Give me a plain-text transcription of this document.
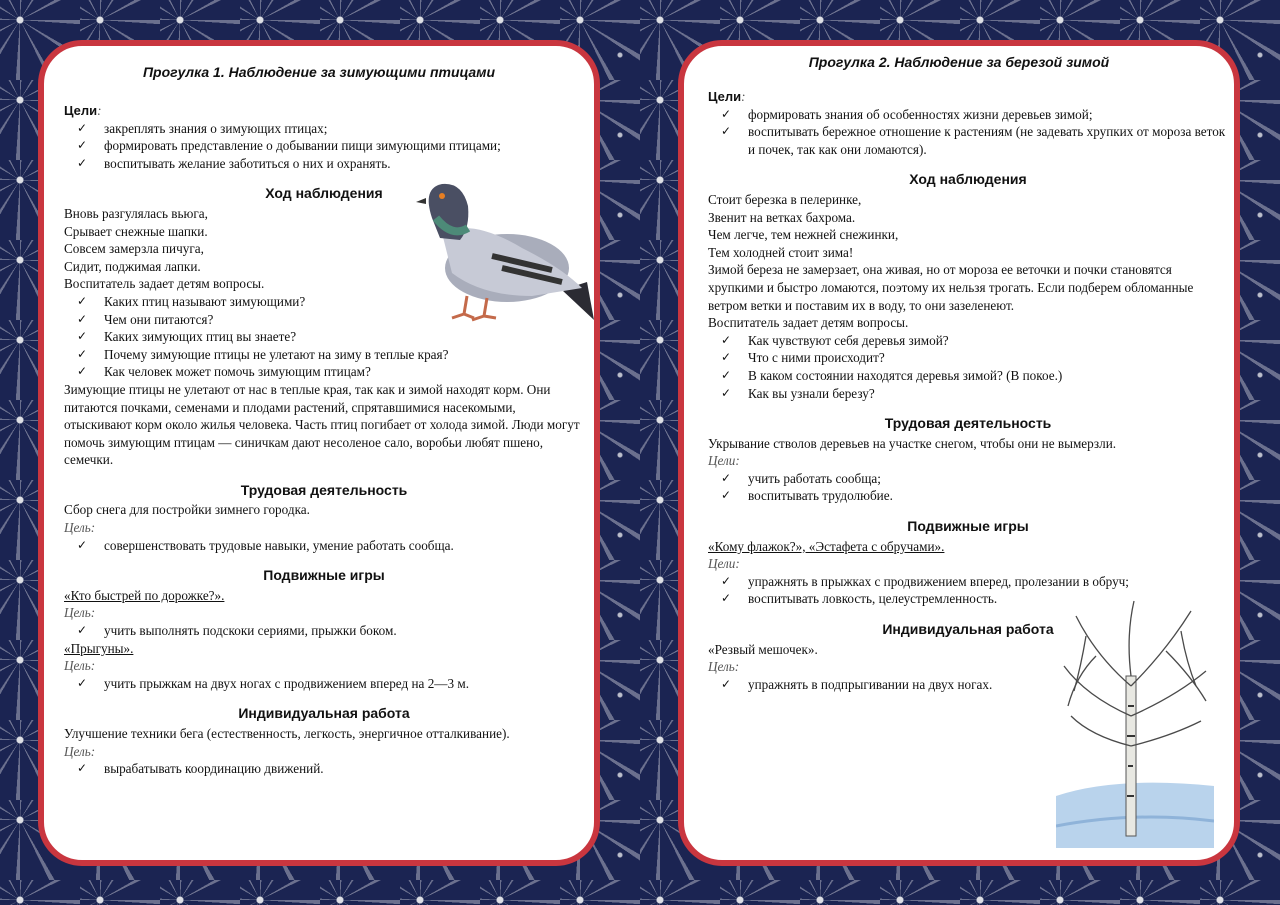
Прогулка 1. Наблюдение за зимующими птицами

Цели:

✓ закреплять знания о зимующих птицах;

✓ формировать представление о добывании пищи зимующими птицами;

✓ воспитывать желание заботиться о них и охранять.

Ход наблюдения

Вновь разгулялась вьюга,

Срывает снежные шапки.

Совсем замерзла пичуга,

Сидит, поджимая лапки.

Воспитатель задает детям вопросы.

✓ Каких птиц называют зимующими?

✓ Чем они питаются?

✓ Каких зимующих птиц вы знаете?

✓ Почему зимующие птицы не улетают на зиму в теплые края?

✓ Как человек может помочь зимующим птицам?

Зимующие птицы не улетают от нас в теплые края, так как и зимой находят корм. Они питаются почками, семенами и плодами растений, спрятавшимися насекомыми, отыскивают корм около жилья человека. Часть птиц погибает от холода зимой. Люди могут помочь зимующим птицам — синичкам дают несоленое сало, воробьи любят пшено, семечки.

Трудовая деятельность

Сбор снега для постройки зимнего городка.

Цель:

✓ совершенствовать трудовые навыки, умение работать сообща.

Подвижные игры

«Кто быстрей по дорожке?».

Цель:

✓ учить выполнять подскоки сериями, прыжки боком.

«Прыгуны».

Цель:

✓ учить прыжкам на двух ногах с продвижением вперед на 2—3 м.

Индивидуальная работа

Улучшение техники бега (естественность, легкость, энергичное отталкивание).

Цель:

✓ вырабатывать координацию движений.

Прогулка 2. Наблюдение за березой зимой

Цели:

✓ формировать знания об особенностях жизни деревьев зимой;

✓ воспитывать бережное отношение к растениям (не задевать хрупких от мороза веток и почек, так как они ломаются).

Ход наблюдения

Стоит березка в пелеринке,

Звенит на ветках бахрома.

Чем легче, тем нежней снежинки,

Тем холодней стоит зима!

Зимой береза не замерзает, она живая, но от мороза ее веточки и почки становятся хрупкими и быстро ломаются, поэтому их нельзя трогать. Если подберем обломанные ветром ветки и поставим их в воду, то они зазеленеют.

Воспитатель задает детям вопросы.

✓ Как чувствуют себя деревья зимой?

✓ Что с ними происходит?

✓ В каком состоянии находятся деревья зимой? (В покое.)

✓ Как вы узнали березу?

Трудовая деятельность

Укрывание стволов деревьев на участке снегом, чтобы они не вымерзли.

Цели:

✓ учить работать сообща;

✓ воспитывать трудолюбие.

Подвижные игры

«Кому флажок?», «Эстафета с обручами».

Цели:

✓ упражнять в прыжках с продвижением вперед, пролезании в обруч;

✓ воспитывать ловкость, целеустремленность.

Индивидуальная работа

«Резвый мешочек».

Цель:

✓ упражнять в подпрыгивании на двух ногах.
